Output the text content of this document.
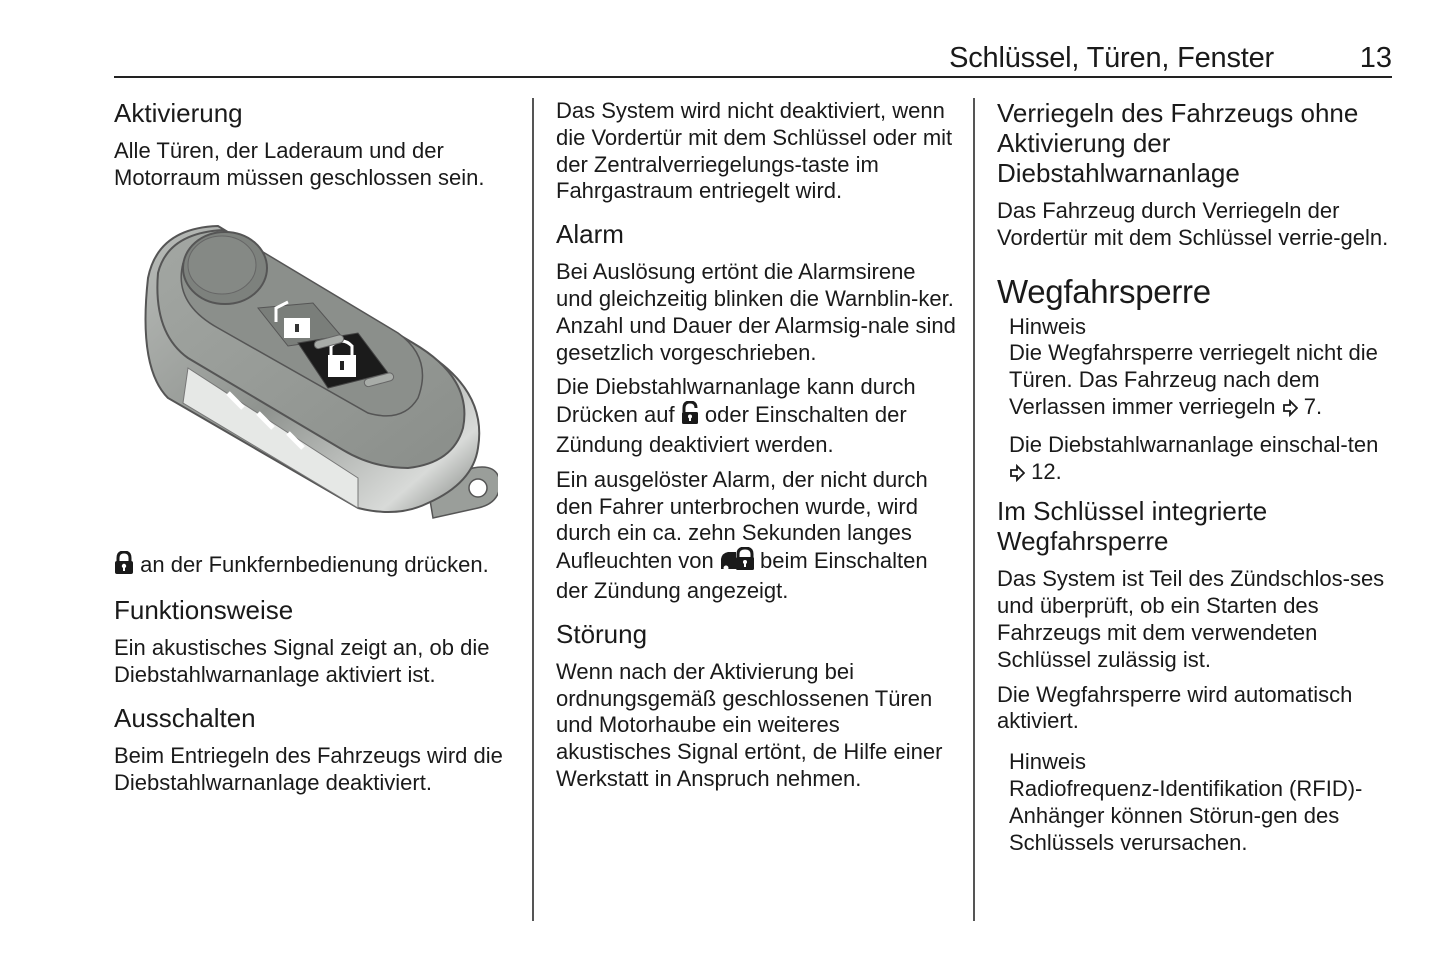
Schlüssel, Türen, Fenster	13
Aktivierung

Alle Türen, der Laderaum und der Motorraum müssen geschlossen sein.

an der Funkfernbedienung drücken.

Funktionsweise

Ein akustisches Signal zeigt an, ob die Diebstahlwarnanlage aktiviert ist.

Ausschalten

Beim Entriegeln des Fahrzeugs wird die Diebstahlwarnanlage deaktiviert.

Das System wird nicht deaktiviert, wenn die Vordertür mit dem Schlüssel oder mit der Zentralverriegelungs-taste im Fahrgastraum entriegelt wird.

Alarm

Bei Auslösung ertönt die Alarmsirene und gleichzeitig blinken die Warnblin-ker. Anzahl und Dauer der Alarmsig-nale sind gesetzlich vorgeschrieben.

Die Diebstahlwarnanlage kann durch Drücken auf oder Einschalten der Zündung deaktiviert werden.

Ein ausgelöster Alarm, der nicht durch den Fahrer unterbrochen wurde, wird durch ein ca. zehn Sekunden langes Aufleuchten von beim Einschalten der Zündung angezeigt.

Störung

Wenn nach der Aktivierung bei ordnungsgemäß geschlossenen Türen und Motorhaube ein weiteres akustisches Signal ertönt, de Hilfe einer Werkstatt in Anspruch nehmen.

Verriegeln des Fahrzeugs ohne Aktivierung der Diebstahlwarnanlage

Das Fahrzeug durch Verriegeln der Vordertür mit dem Schlüssel verrie-geln.

Wegfahrsperre
Hinweis

Die Wegfahrsperre verriegelt nicht die Türen. Das Fahrzeug nach dem Verlassen immer verriegeln 7.

Die Diebstahlwarnanlage einschal-ten  12.

Im Schlüssel integrierte Wegfahrsperre

Das System ist Teil des Zündschlos-ses und überprüft, ob ein Starten des Fahrzeugs mit dem verwendeten Schlüssel zulässig ist.

Die Wegfahrsperre wird automatisch aktiviert.

Hinweis

Radiofrequenz-Identifikation (RFID)-Anhänger können Störun-gen des Schlüssels verursachen.
